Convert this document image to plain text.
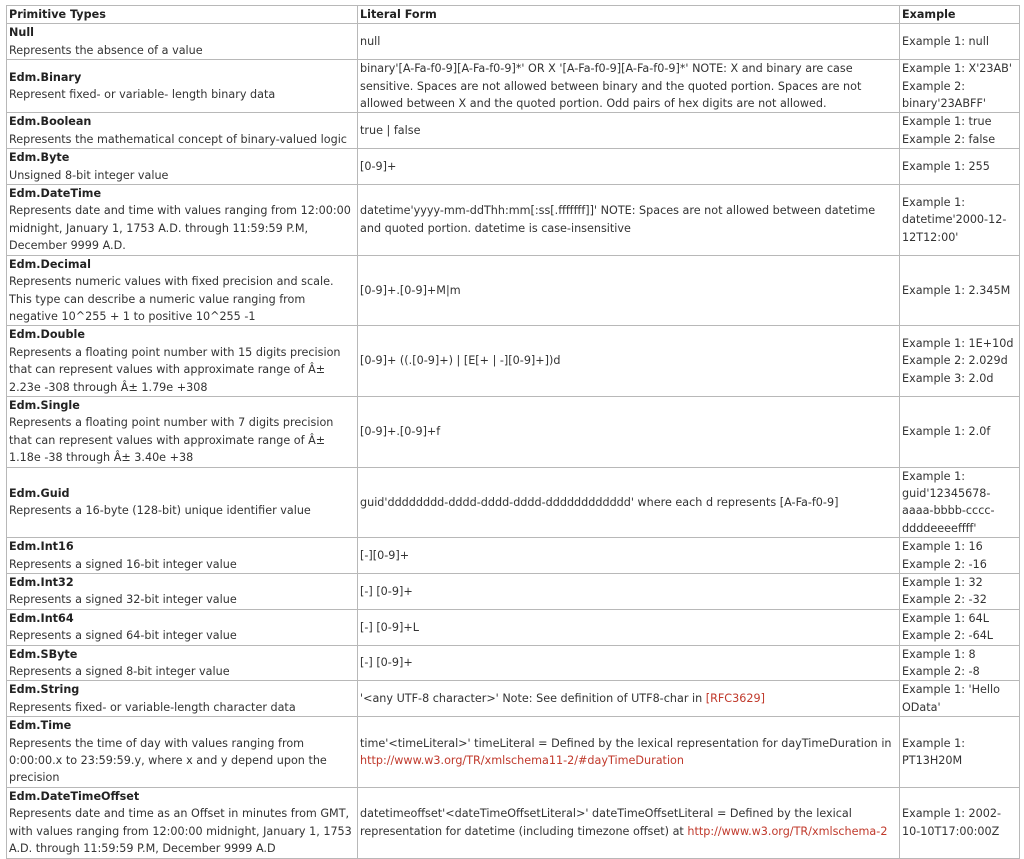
Primitive Types	Literal Form	Example

Null
Represents the absence of a value	null	Example 1: null

Edm.Binary
Represent fixed- or variable- length binary data	binary'[A-Fa-f0-9][A-Fa-f0-9]*' OR X '[A-Fa-f0-9][A-Fa-f0-9]*' NOTE: X and binary are case sensitive. Spaces are not allowed between binary and the quoted portion. Spaces are not allowed between X and the quoted portion. Odd pairs of hex digits are not allowed.	Example 1: X'23AB'
Example 2: binary'23ABFF'

Edm.Boolean
Represents the mathematical concept of binary-valued logic	true | false	Example 1: true
Example 2: false

Edm.Byte
Unsigned 8-bit integer value	[0-9]+	Example 1: 255

Edm.DateTime
Represents date and time with values ranging from 12:00:00 midnight, January 1, 1753 A.D. through 11:59:59 P.M, December 9999 A.D.	datetime'yyyy-mm-ddThh:mm[:ss[.fffffff]]' NOTE: Spaces are not allowed between datetime and quoted portion. datetime is case-insensitive	Example 1: datetime'2000-12-12T12:00'

Edm.Decimal
Represents numeric values with fixed precision and scale. This type can describe a numeric value ranging from negative 10^255 + 1 to positive 10^255 -1	[0-9]+.[0-9]+M|m	Example 1: 2.345M

Edm.Double
Represents a floating point number with 15 digits precision that can represent values with approximate range of Â± 2.23e -308 through Â± 1.79e +308	[0-9]+ ((.[0-9]+) | [E[+ | -][0-9]+])d	Example 1: 1E+10d
Example 2: 2.029d
Example 3: 2.0d

Edm.Single
Represents a floating point number with 7 digits precision that can represent values with approximate range of Â± 1.18e -38 through Â± 3.40e +38	[0-9]+.[0-9]+f	Example 1: 2.0f

Edm.Guid
Represents a 16-byte (128-bit) unique identifier value	guid'dddddddd-dddd-dddd-dddd-dddddddddddd' where each d represents [A-Fa-f0-9]	Example 1: guid'12345678-aaaa-bbbb-cccc-ddddeeeeffff'

Edm.Int16
Represents a signed 16-bit integer value	[-][0-9]+	Example 1: 16
Example 2: -16

Edm.Int32
Represents a signed 32-bit integer value	[-] [0-9]+	Example 1: 32
Example 2: -32

Edm.Int64
Represents a signed 64-bit integer value	[-] [0-9]+L	Example 1: 64L
Example 2: -64L

Edm.SByte
Represents a signed 8-bit integer value	[-] [0-9]+	Example 1: 8
Example 2: -8

Edm.String
Represents fixed- or variable-length character data	'<any UTF-8 character>' Note: See definition of UTF8-char in [RFC3629]	Example 1: 'Hello OData'

Edm.Time
Represents the time of day with values ranging from 0:00:00.x to 23:59:59.y, where x and y depend upon the precision	time'<timeLiteral>' timeLiteral = Defined by the lexical representation for dayTimeDuration in http://www.w3.org/TR/xmlschema11-2/#dayTimeDuration	Example 1: PT13H20M

Edm.DateTimeOffset
Represents date and time as an Offset in minutes from GMT, with values ranging from 12:00:00 midnight, January 1, 1753 A.D. through 11:59:59 P.M, December 9999 A.D	datetimeoffset'<dateTimeOffsetLiteral>' dateTimeOffsetLiteral = Defined by the lexical representation for datetime (including timezone offset) at http://www.w3.org/TR/xmlschema-2	Example 1: 2002-10-10T17:00:00Z
